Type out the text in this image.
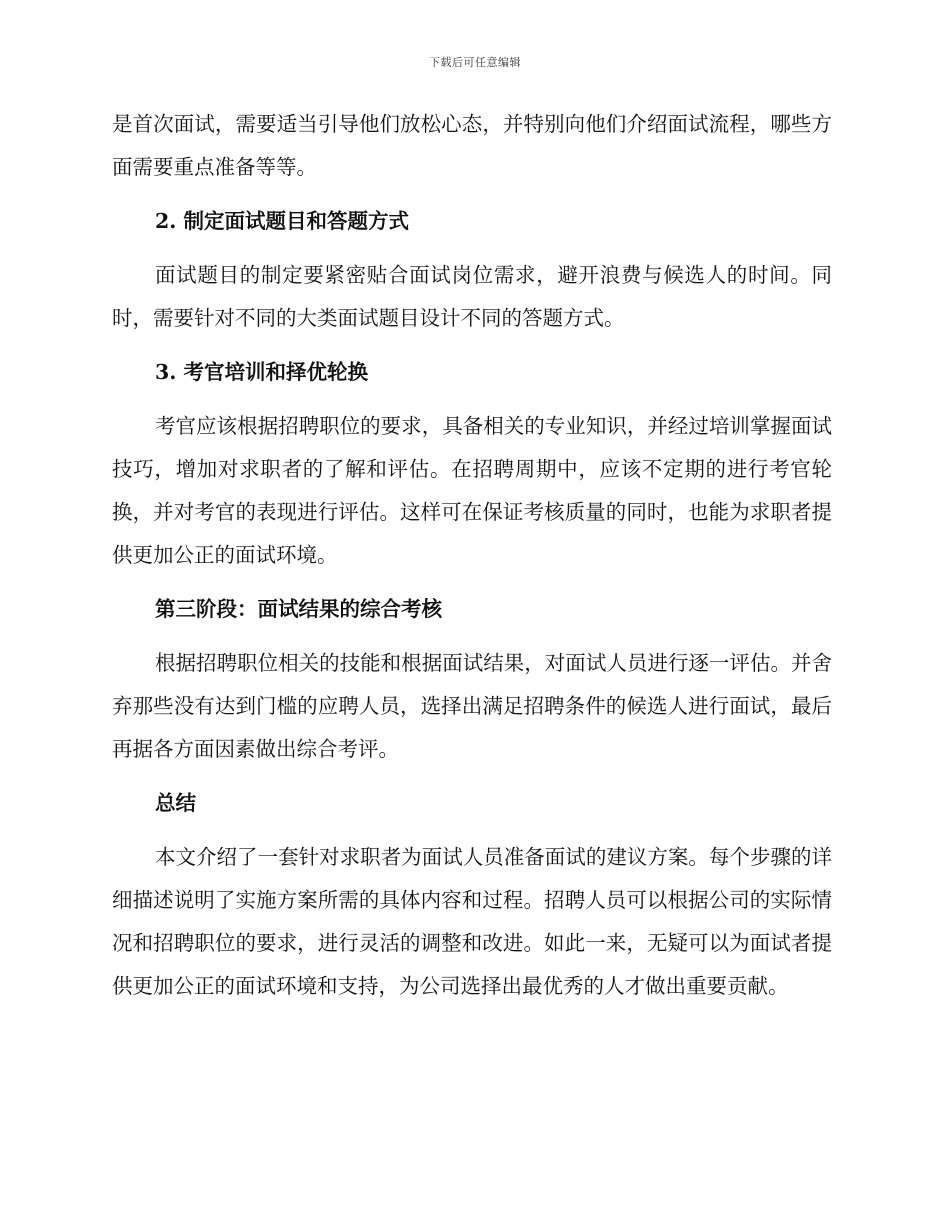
下载后可任意编辑

是首次面试，需要适当引导他们放松心态，并特别向他们介绍面试流程，哪些方面需要重点准备等等。

2. 制定面试题目和答题方式

面试题目的制定要紧密贴合面试岗位需求，避开浪费与候选人的时间。同时，需要针对不同的大类面试题目设计不同的答题方式。

3. 考官培训和择优轮换

考官应该根据招聘职位的要求，具备相关的专业知识，并经过培训掌握面试技巧，增加对求职者的了解和评估。在招聘周期中，应该不定期的进行考官轮换，并对考官的表现进行评估。这样可在保证考核质量的同时，也能为求职者提供更加公正的面试环境。

第三阶段：面试结果的综合考核

根据招聘职位相关的技能和根据面试结果，对面试人员进行逐一评估。并舍弃那些没有达到门槛的应聘人员，选择出满足招聘条件的候选人进行面试，最后再据各方面因素做出综合考评。

总结

本文介绍了一套针对求职者为面试人员准备面试的建议方案。每个步骤的详细描述说明了实施方案所需的具体内容和过程。招聘人员可以根据公司的实际情况和招聘职位的要求，进行灵活的调整和改进。如此一来，无疑可以为面试者提供更加公正的面试环境和支持，为公司选择出最优秀的人才做出重要贡献。
